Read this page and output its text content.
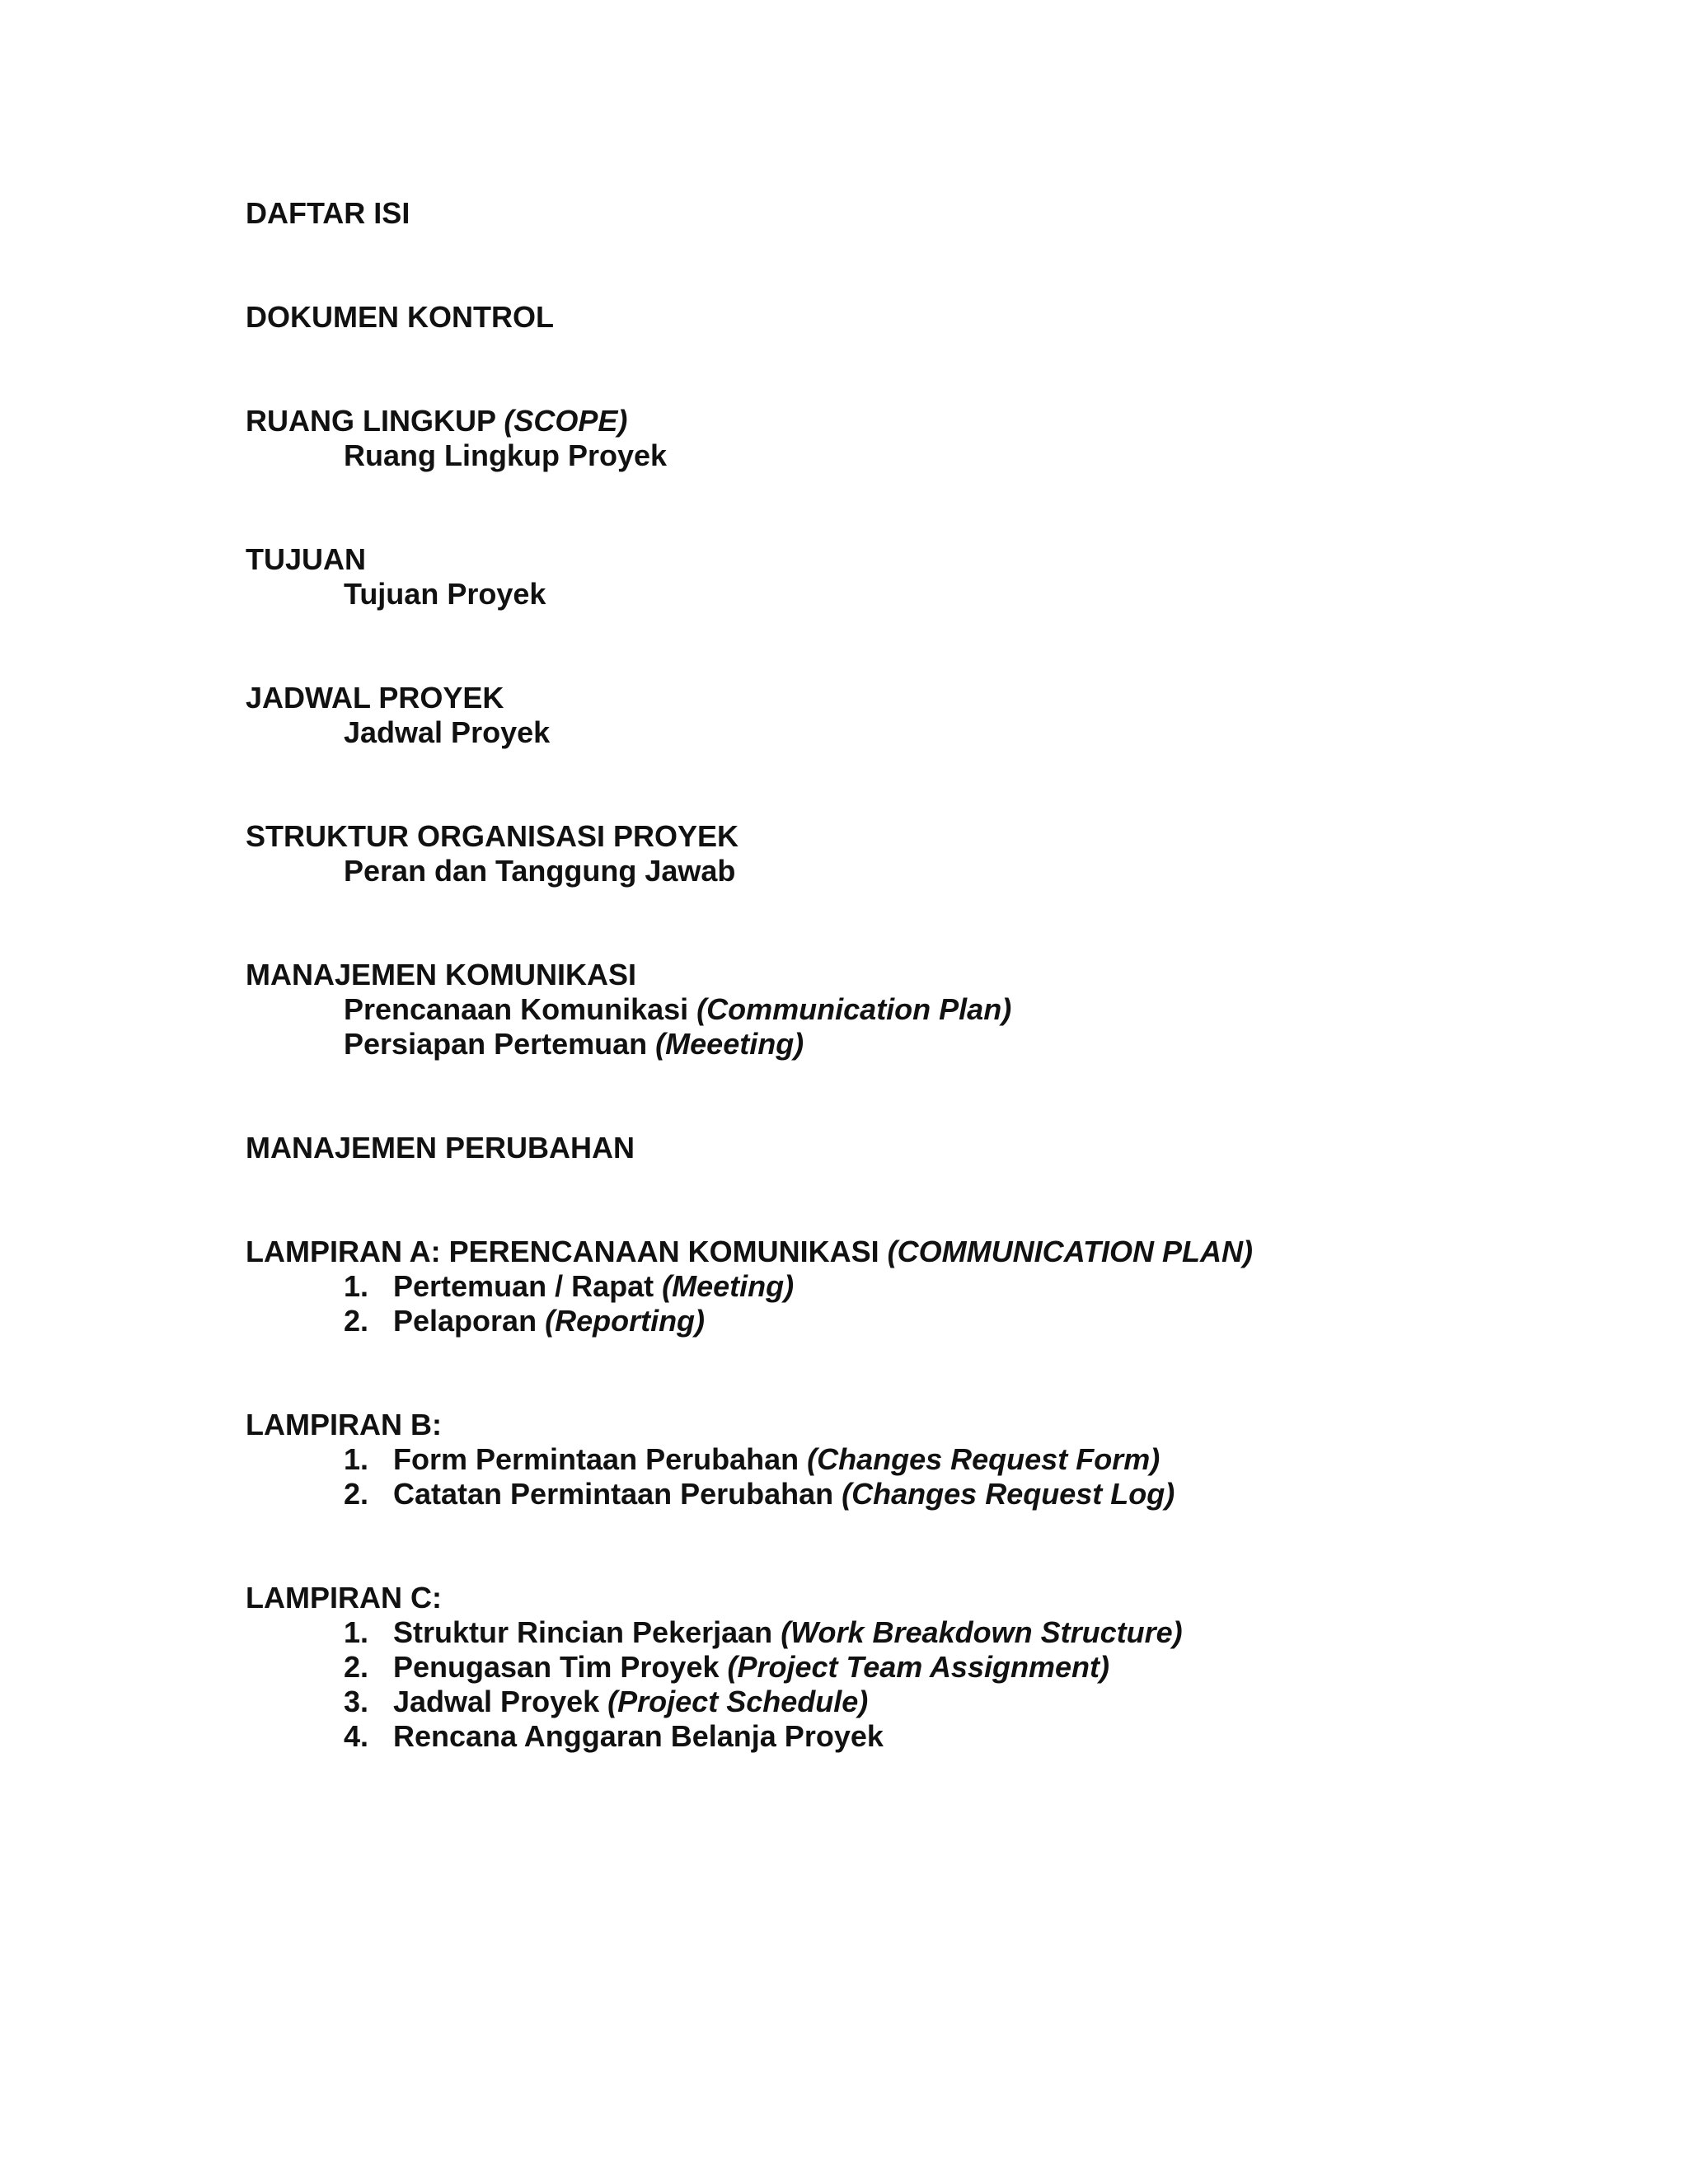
DAFTAR ISI
DOKUMEN KONTROL
RUANG LINGKUP (SCOPE)
Ruang Lingkup Proyek
TUJUAN
Tujuan Proyek
JADWAL PROYEK
Jadwal Proyek
STRUKTUR ORGANISASI PROYEK
Peran dan Tanggung Jawab
MANAJEMEN KOMUNIKASI
Prencanaan Komunikasi (Communication Plan)
Persiapan Pertemuan (Meeeting)
MANAJEMEN PERUBAHAN
LAMPIRAN A: PERENCANAAN KOMUNIKASI (COMMUNICATION PLAN)
1. Pertemuan / Rapat (Meeting)
2. Pelaporan (Reporting)
LAMPIRAN B:
1. Form Permintaan Perubahan (Changes Request Form)
2. Catatan Permintaan Perubahan (Changes Request Log)
LAMPIRAN C:
1. Struktur Rincian Pekerjaan (Work Breakdown Structure)
2. Penugasan Tim Proyek (Project Team Assignment)
3. Jadwal Proyek (Project Schedule)
4. Rencana Anggaran Belanja Proyek
